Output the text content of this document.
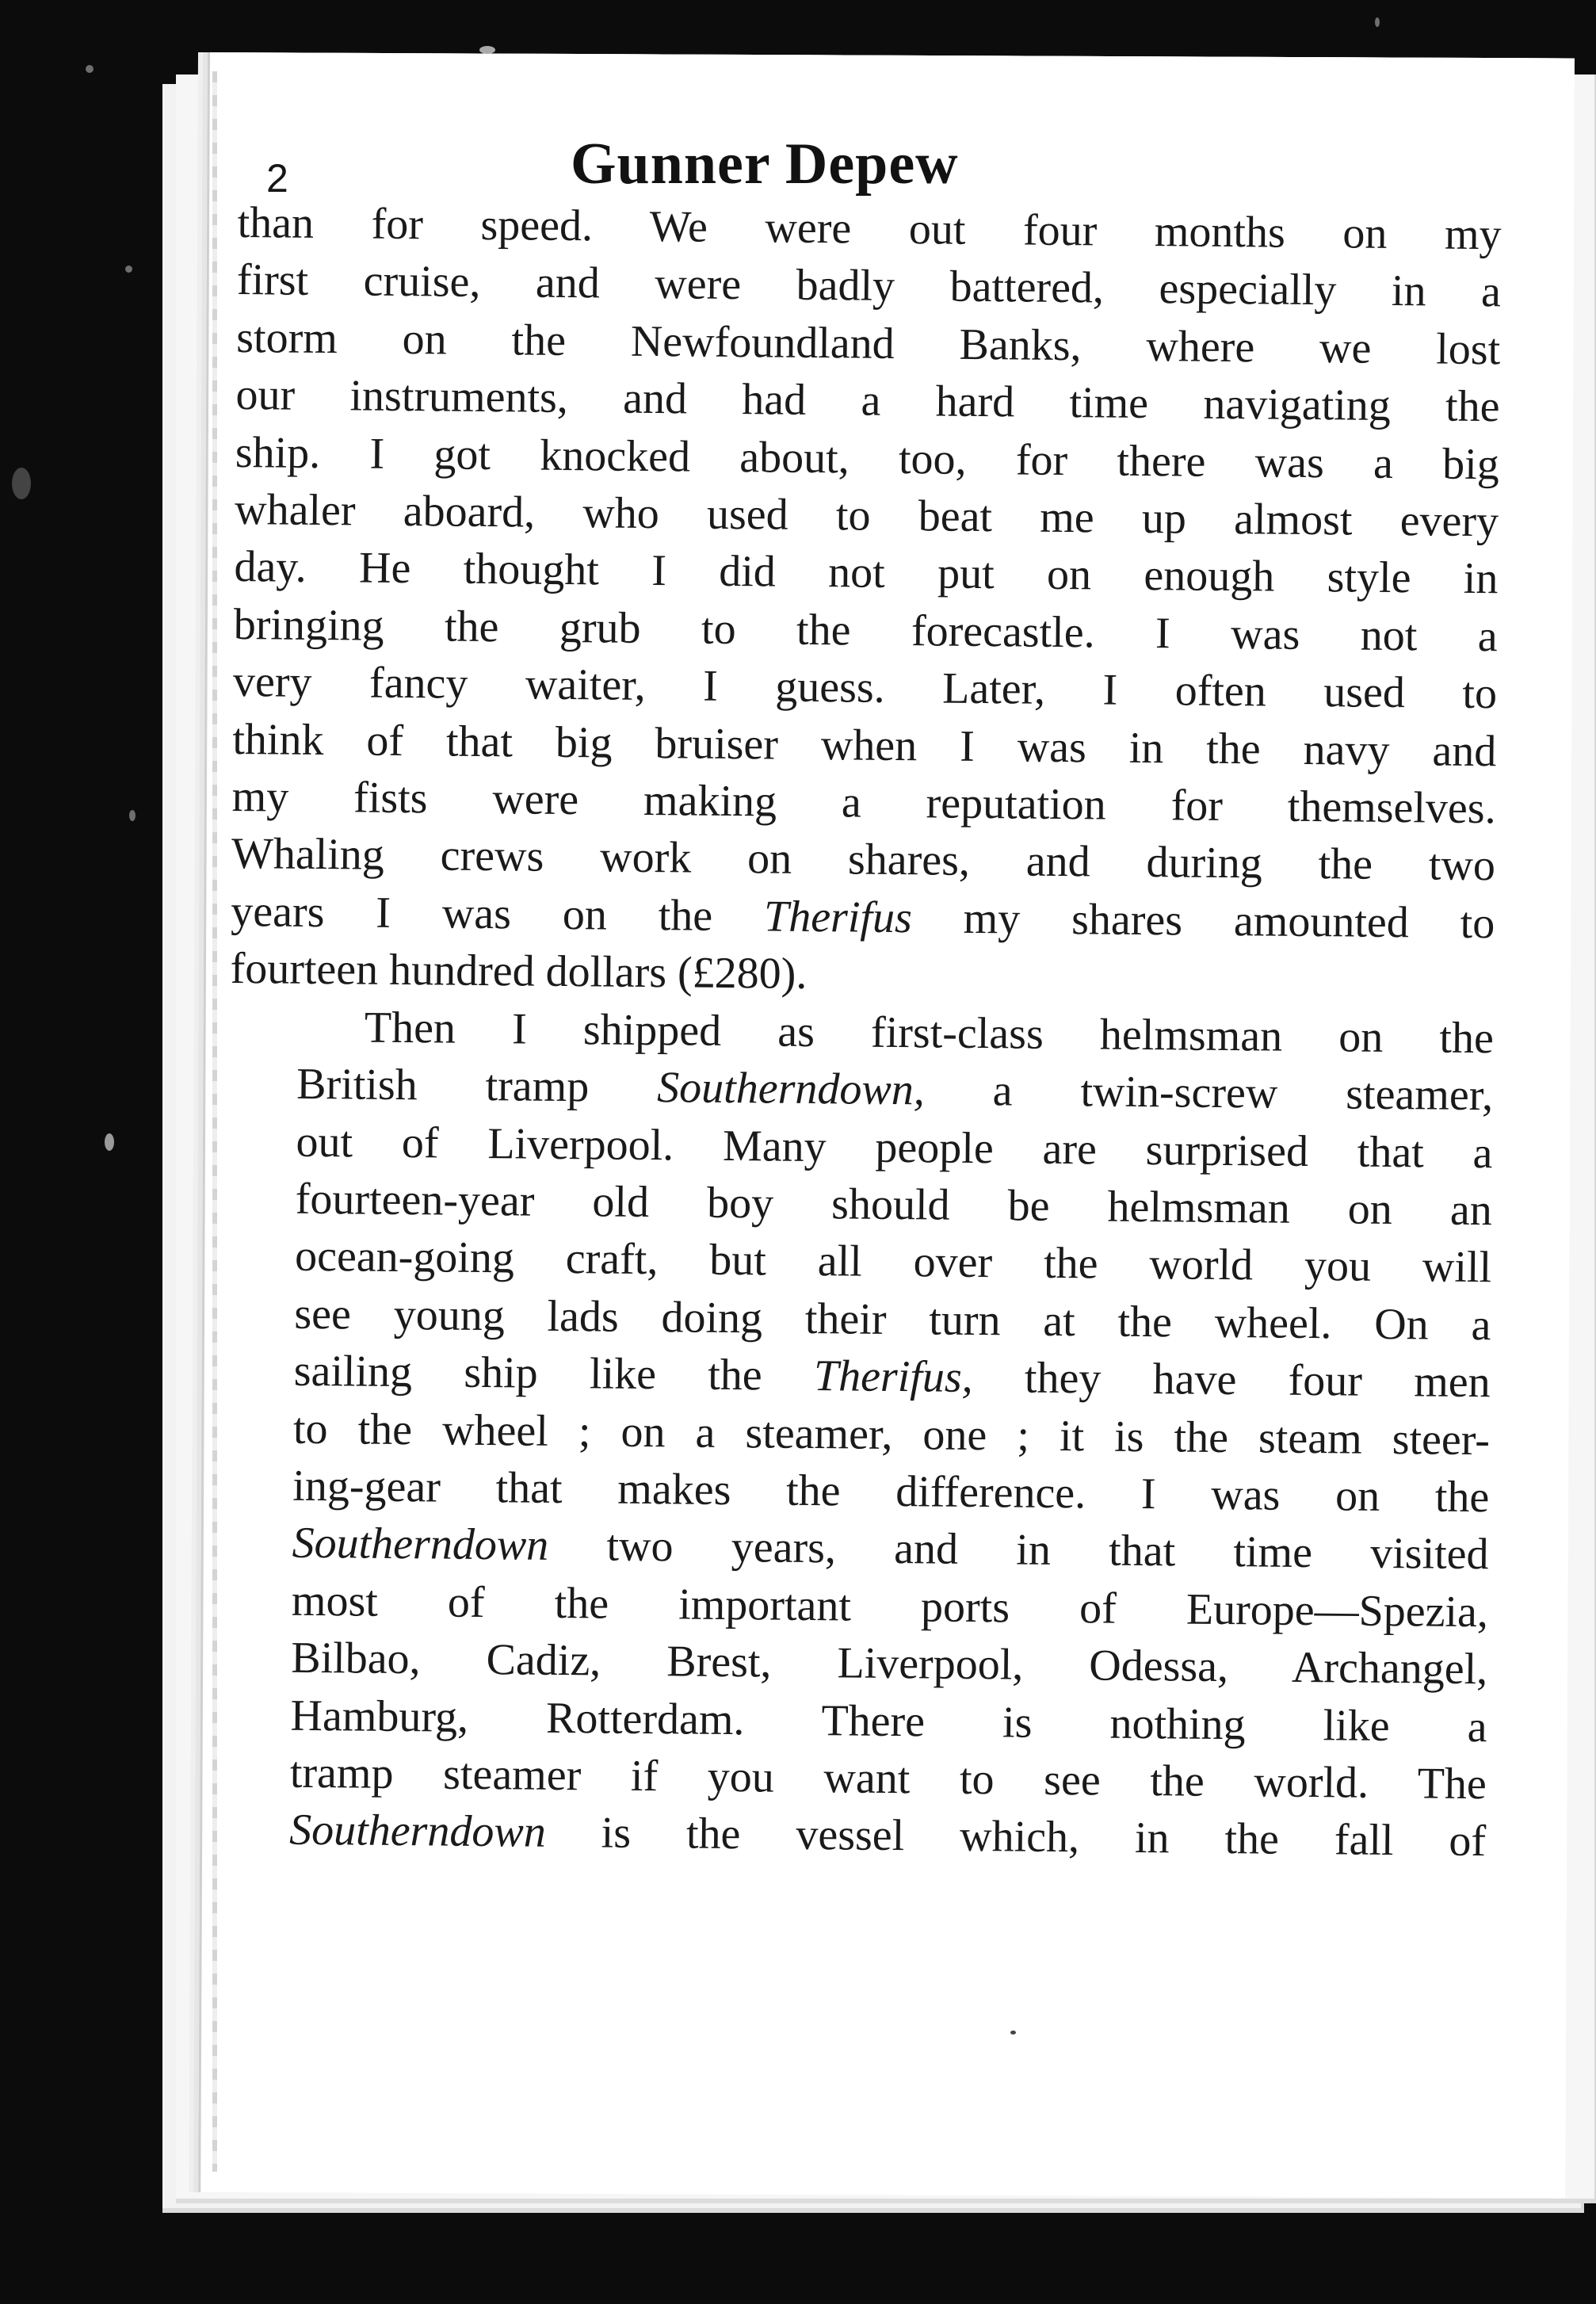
2	Gunner Depew

than for speed. We were out four months on my
first cruise, and were badly battered, especially in a
storm on the Newfoundland Banks, where we lost
our instruments, and had a hard time navigating the
ship. I got knocked about, too, for there was a big
whaler aboard, who used to beat me up almost every
day. He thought I did not put on enough style in
bringing the grub to the forecastle. I was not a
very fancy waiter, I guess. Later, I often used to
think of that big bruiser when I was in the navy and
my fists were making a reputation for themselves.
Whaling crews work on shares, and during the two
years I was on the Therifus my shares amounted to
fourteen hundred dollars (£280).

Then I shipped as first-class helmsman on the
British tramp Southerndown, a twin-screw steamer,
out of Liverpool. Many people are surprised that a
fourteen-year old boy should be helmsman on an
ocean-going craft, but all over the world you will
see young lads doing their turn at the wheel. On a
sailing ship like the Therifus, they have four men
to the wheel ; on a steamer, one ; it is the steam steer-
ing-gear that makes the difference. I was on the
Southerndown two years, and in that time visited
most of the important ports of Europe—Spezia,
Bilbao, Cadiz, Brest, Liverpool, Odessa, Archangel,
Hamburg, Rotterdam. There is nothing like a
tramp steamer if you want to see the world. The
Southerndown is the vessel which, in the fall of
